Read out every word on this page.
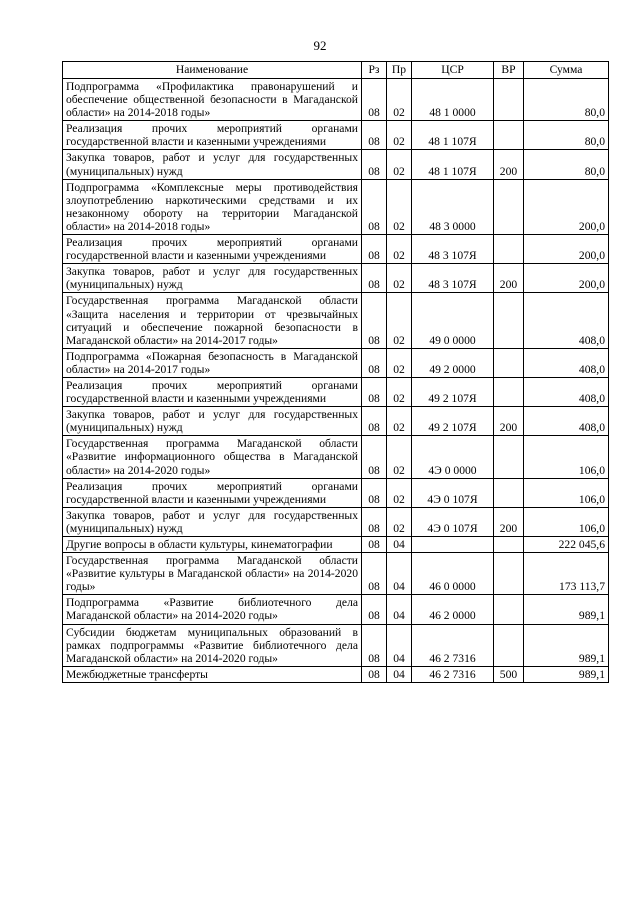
92
Наименование	Рз	Пр	ЦСР	ВР	Сумма
Подпрограмма «Профилактика правонарушений и обеспечение общественной безопасности в Магаданской области» на 2014-2018 годы»	08	02	48 1 0000		80,0
Реализация прочих мероприятий органами государственной власти и казенными учреждениями	08	02	48 1 107Я		80,0
Закупка товаров, работ и услуг для государственных (муниципальных) нужд	08	02	48 1 107Я	200	80,0
Подпрограмма «Комплексные меры противодействия злоупотреблению наркотическими средствами и их незаконному обороту на территории Магаданской области» на 2014-2018 годы»	08	02	48 3 0000		200,0
Реализация прочих мероприятий органами государственной власти и казенными учреждениями	08	02	48 3 107Я		200,0
Закупка товаров, работ и услуг для государственных (муниципальных) нужд	08	02	48 3 107Я	200	200,0
Государственная программа Магаданской области «Защита населения и территории от чрезвычайных ситуаций и обеспечение пожарной безопасности в Магаданской области» на 2014-2017 годы»	08	02	49 0 0000		408,0
Подпрограмма «Пожарная безопасность в Магаданской области» на 2014-2017 годы»	08	02	49 2 0000		408,0
Реализация прочих мероприятий органами государственной власти и казенными учреждениями	08	02	49 2 107Я		408,0
Закупка товаров, работ и услуг для государственных (муниципальных) нужд	08	02	49 2 107Я	200	408,0
Государственная программа Магаданской области «Развитие информационного общества в Магаданской области» на 2014-2020 годы»	08	02	4Э 0 0000		106,0
Реализация прочих мероприятий органами государственной власти и казенными учреждениями	08	02	4Э 0 107Я		106,0
Закупка товаров, работ и услуг для государственных (муниципальных) нужд	08	02	4Э 0 107Я	200	106,0
Другие вопросы в области культуры, кинематографии	08	04			222 045,6
Государственная программа Магаданской области «Развитие культуры в Магаданской области» на 2014-2020 годы»	08	04	46 0 0000		173 113,7
Подпрограмма «Развитие библиотечного дела Магаданской области» на 2014-2020 годы»	08	04	46 2 0000		989,1
Субсидии бюджетам муниципальных образований в рамках подпрограммы «Развитие библиотечного дела Магаданской области» на 2014-2020 годы»	08	04	46 2 7316		989,1
Межбюджетные трансферты	08	04	46 2 7316	500	989,1
